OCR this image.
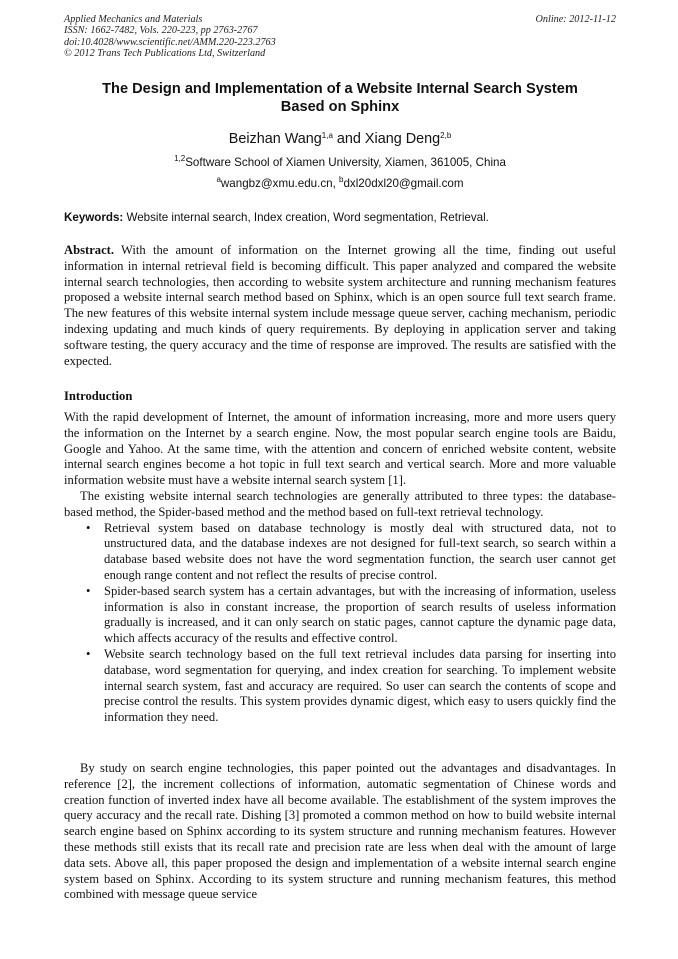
Applied Mechanics and Materials
ISSN: 1662-7482, Vols. 220-223, pp 2763-2767
doi:10.4028/www.scientific.net/AMM.220-223.2763
© 2012 Trans Tech Publications Ltd, Switzerland
Online: 2012-11-12
The Design and Implementation of a Website Internal Search System
Based on Sphinx
Beizhan Wang$^{1,a}$ and Xiang Deng$^{2,b}$
$^{1,2}$Software School of Xiamen University, Xiamen, 361005, China
$^a$wangbz@xmu.edu.cn, $^b$dxl20dxl20@gmail.com
Keywords: Website internal search, Index creation, Word segmentation, Retrieval.
Abstract. With the amount of information on the Internet growing all the time, finding out useful information in internal retrieval field is becoming difficult. This paper analyzed and compared the website internal search technologies, then according to website system architecture and running mechanism features proposed a website internal search method based on Sphinx, which is an open source full text search frame. The new features of this website internal system include message queue server, caching mechanism, periodic indexing updating and much kinds of query requirements. By deploying in application server and taking software testing, the query accuracy and the time of response are improved. The results are satisfied with the expected.
Introduction

With the rapid development of Internet, the amount of information increasing, more and more users query the information on the Internet by a search engine. Now, the most popular search engine tools are Baidu, Google and Yahoo. At the same time, with the attention and concern of enriched website content, website internal search engines become a hot topic in full text search and vertical search. More and more valuable information website must have a website internal search system [1].

The existing website internal search technologies are generally attributed to three types: the database-based method, the Spider-based method and the method based on full-text retrieval technology.

• Retrieval system based on database technology is mostly deal with structured data, not to unstructured data, and the database indexes are not designed for full-text search, so search within a database based website does not have the word segmentation function, the search user cannot get enough range content and not reflect the results of precise control.
• Spider-based search system has a certain advantages, but with the increasing of information, useless information is also in constant increase, the proportion of search results of useless information gradually is increased, and it can only search on static pages, cannot capture the dynamic page data, which affects accuracy of the results and effective control.
• Website search technology based on the full text retrieval includes data parsing for inserting into database, word segmentation for querying, and index creation for searching. To implement website internal search system, fast and accuracy are required. So user can search the contents of scope and precise control the results. This system provides dynamic digest, which easy to users quickly find the information they need.

By study on search engine technologies, this paper pointed out the advantages and disadvantages. In reference [2], the increment collections of information, automatic segmentation of Chinese words and creation function of inverted index have all become available. The establishment of the system improves the query accuracy and the recall rate. Dishing [3] promoted a common method on how to build website internal search engine based on Sphinx according to its system structure and running mechanism features. However these methods still exists that its recall rate and precision rate are less when deal with the amount of large data sets. Above all, this paper proposed the design and implementation of a website internal search engine system based on Sphinx. According to its system structure and running mechanism features, this method combined with message queue service
